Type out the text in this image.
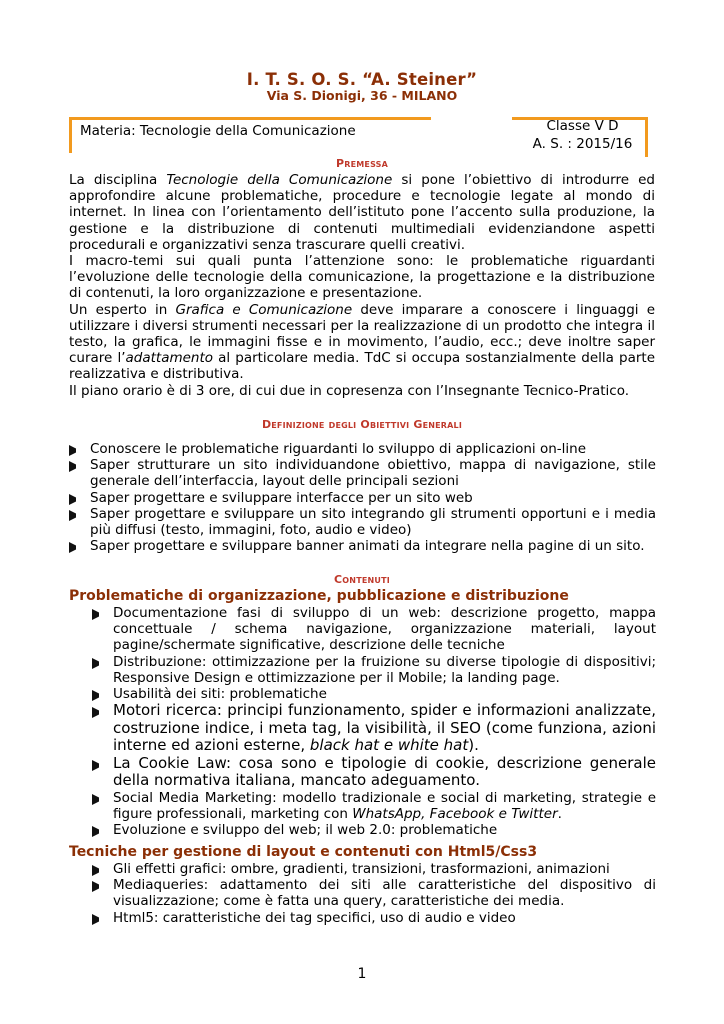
I. T. S. O. S. “A. Steiner”
Via S. Dionigi, 36 - MILANO
Materia: Tecnologie della Comunicazione	Classe V D
A. S. : 2015/16
Premessa

La disciplina Tecnologie della Comunicazione si pone l’obiettivo di introdurre ed approfondire alcune problematiche, procedure e tecnologie legate al mondo di internet. In linea con l’orientamento dell’istituto pone l’accento sulla produzione, la gestione e la distribuzione di contenuti multimediali evidenziandone aspetti procedurali e organizzativi senza trascurare quelli creativi.

I macro-temi sui quali punta l’attenzione sono: le problematiche riguardanti l’evoluzione delle tecnologie della comunicazione, la progettazione e la distribuzione di contenuti, la loro organizzazione e presentazione.

Un esperto in Grafica e Comunicazione deve imparare a conoscere i linguaggi e utilizzare i diversi strumenti necessari per la realizzazione di un prodotto che integra il testo, la grafica, le immagini fisse e in movimento, l’audio, ecc.; deve inoltre saper curare l’adattamento al particolare media. TdC si occupa sostanzialmente della parte realizzativa e distributiva.

Il piano orario è di 3 ore, di cui due in copresenza con l’Insegnante Tecnico-Pratico.

Definizione degli Obiettivi Generali
Conoscere le problematiche riguardanti lo sviluppo di applicazioni on-line
Saper strutturare un sito individuandone obiettivo, mappa di navigazione, stile generale dell’interfaccia, layout delle principali sezioni
Saper progettare e sviluppare interfacce per un sito web
Saper progettare e sviluppare un sito integrando gli strumenti opportuni e i media più diffusi (testo, immagini, foto, audio e video)
Saper progettare e sviluppare banner animati da integrare nella pagine di un sito.
Contenuti
Problematiche di organizzazione, pubblicazione e distribuzione
Documentazione fasi di sviluppo di un web: descrizione progetto, mappa concettuale / schema navigazione, organizzazione materiali, layout pagine/schermate significative, descrizione delle tecniche
Distribuzione: ottimizzazione per la fruizione su diverse tipologie di dispositivi; Responsive Design e ottimizzazione per il Mobile; la landing page.
Usabilità dei siti: problematiche
Motori ricerca: principi funzionamento, spider e informazioni analizzate, costruzione indice, i meta tag, la visibilità, il SEO (come funziona, azioni interne ed azioni esterne, black hat e white hat).
La Cookie Law: cosa sono e tipologie di cookie, descrizione generale della normativa italiana, mancato adeguamento.
Social Media Marketing: modello tradizionale e social di marketing, strategie e figure professionali, marketing con WhatsApp, Facebook e Twitter.
Evoluzione e sviluppo del web; il web 2.0: problematiche
Tecniche per gestione di layout e contenuti con Html5/Css3
Gli effetti grafici: ombre, gradienti, transizioni, trasformazioni, animazioni
Mediaqueries: adattamento dei siti alle caratteristiche del dispositivo di visualizzazione; come è fatta una query, caratteristiche dei media.
Html5: caratteristiche dei tag specifici, uso di audio e video
1
